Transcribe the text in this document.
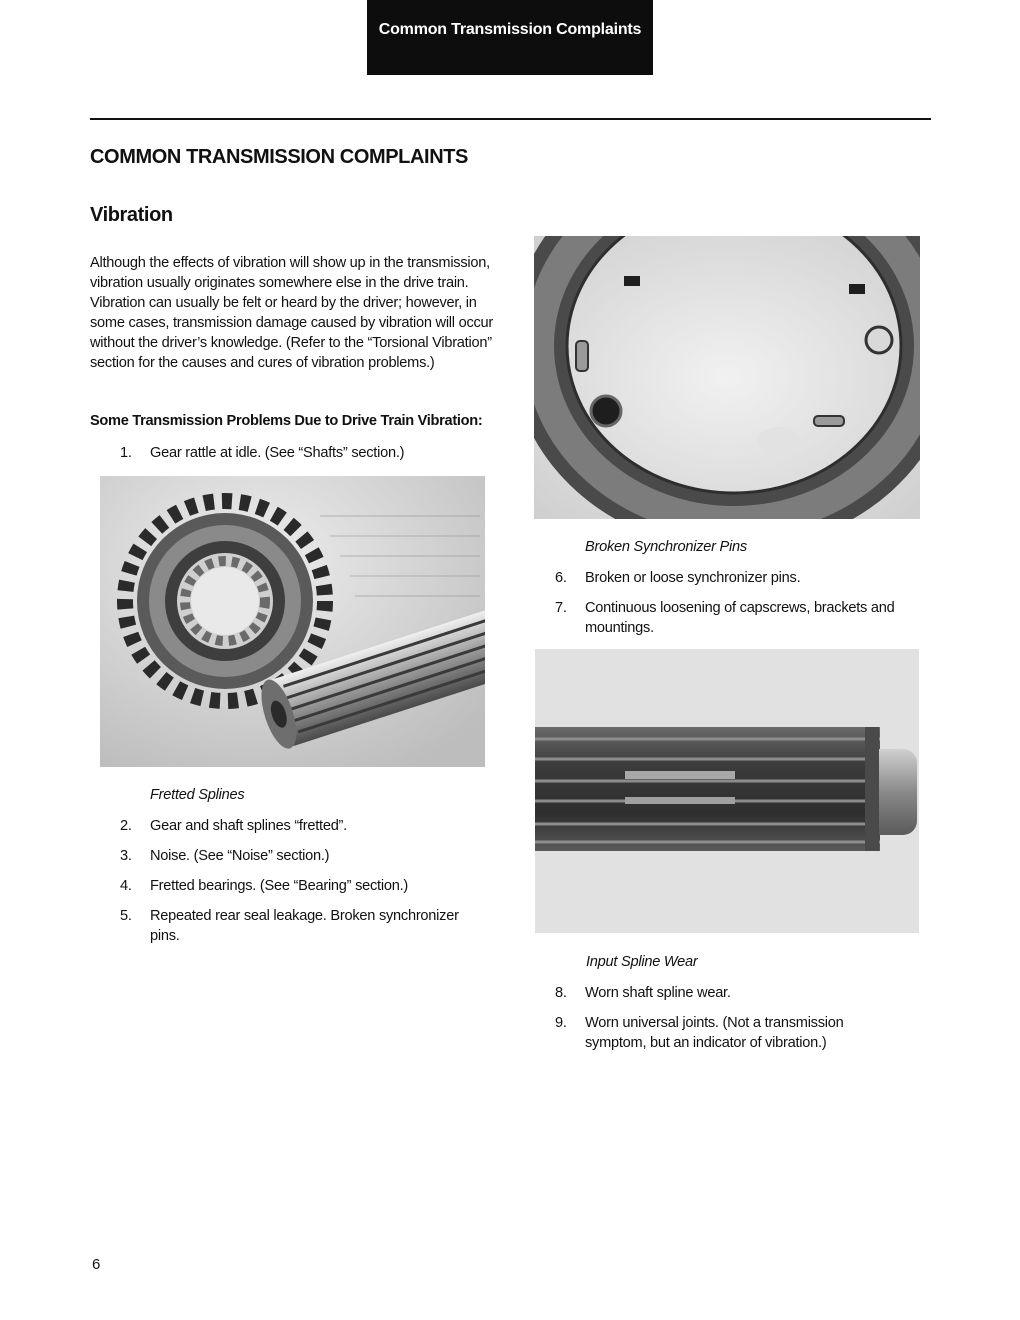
Common Transmission Complaints
COMMON TRANSMISSION COMPLAINTS
Vibration

Although the effects of vibration will show up in the transmission, vibration usually originates somewhere else in the drive train. Vibration can usually be felt or heard by the driver; however, in some cases, transmission damage caused by vibration will occur without the driver’s knowledge. (Refer to the “Torsional Vibration” section for the causes and cures of vibration problems.)

Some Transmission Problems Due to Drive Train Vibration:

1. Gear rattle at idle. (See “Shafts” section.)
Fretted Splines
2. Gear and shaft splines “fretted”.
3. Noise. (See “Noise” section.)
4. Fretted bearings. (See “Bearing” section.)
5. Repeated rear seal leakage. Broken synchronizer pins.
Broken Synchronizer Pins
6. Broken or loose synchronizer pins.
7. Continuous loosening of capscrews, brackets and mountings.
Input Spline Wear
8. Worn shaft spline wear.
9. Worn universal joints. (Not a transmission symptom, but an indicator of vibration.)
6
